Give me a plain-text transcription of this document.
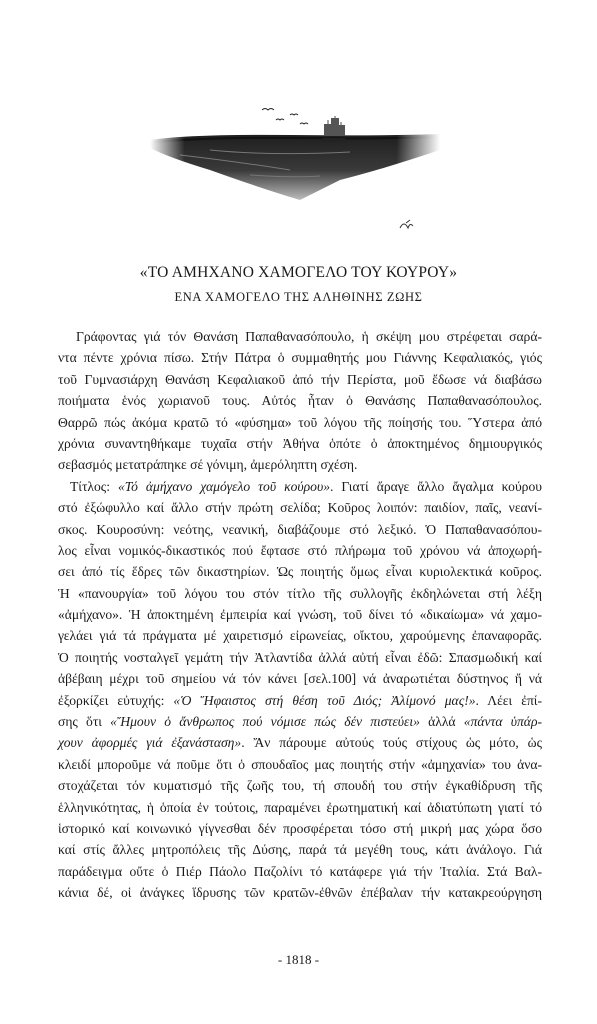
«ΤΟ ΑΜΗΧΑΝΟ ΧΑΜΟΓΕΛΟ ΤΟΥ ΚΟΥΡΟΥ»
ΕΝΑ ΧΑΜΟΓΕΛΟ ΤΗΣ ΑΛΗΘΙΝΗΣ ΖΩΗΣ
Γράφοντας γιά τόν Θανάση Παπαθανασόπουλο, ἡ σκέψη μου στρέφεται σαρά-
ντα πέντε χρόνια πίσω. Στήν Πάτρα ὁ συμμαθητής μου Γιάννης Κεφαλιακός, γιός
τοῦ Γυμνασιάρχη Θανάση Κεφαλιακοῦ ἀπό τήν Περίστα, μοῦ ἔδωσε νά διαβάσω
ποιήματα ἑνός χωριανοῦ τους. Αὐτός ἦταν ὁ Θανάσης Παπαθανασόπουλος.
Θαρρῶ πώς ἀκόμα κρατῶ τό «φύσημα» τοῦ λόγου τῆς ποίησής του. Ὕστερα ἀπό
χρόνια συναντηθήκαμε τυχαῖα στήν Ἀθήνα ὁπότε ὁ ἀποκτημένος δημιουργικός
σεβασμός μετατράπηκε σέ γόνιμη, ἀμερόληπτη σχέση.
Τίτλος: «Τό ἀμήχανο χαμόγελο τοῦ κούρου». Γιατί ἄραγε ἄλλο ἄγαλμα κούρου
στό ἐξώφυλλο καί ἄλλο στήν πρώτη σελίδα; Κοῦρος λοιπόν: παιδίον, παῖς, νεανί-
σκος. Κουροσύνη: νεότης, νεανική, διαβάζουμε στό λεξικό. Ὁ Παπαθανασόπου-
λος εἶναι νομικός-δικαστικός πού ἔφτασε στό πλήρωμα τοῦ χρόνου νά ἀποχωρή-
σει ἀπό τίς ἕδρες τῶν δικαστηρίων. Ὡς ποιητής ὅμως εἶναι κυριολεκτικά κοῦρος.
Ἡ «πανουργία» τοῦ λόγου του στόν τίτλο τῆς συλλογῆς ἐκδηλώνεται στή λέξη
«ἀμήχανο». Ἡ ἀποκτημένη ἐμπειρία καί γνώση, τοῦ δίνει τό «δικαίωμα» νά χαμο-
γελάει γιά τά πράγματα μέ χαιρετισμό εἰρωνείας, οἴκτου, χαρούμενης ἐπαναφορᾶς.
Ὁ ποιητής νοσταλγεῖ γεμάτη τήν Ἀτλαντίδα ἀλλά αὐτή εἶναι ἐδῶ: Σπασμωδική καί
ἀβέβαιη μέχρι τοῦ σημείου νά τόν κάνει [σελ.100] νά ἀναρωτιέται δύστηνος ἤ νά
ἐξορκίζει εὐτυχής: «Ὁ Ἥφαιστος στή θέση τοῦ Διός; Ἀλίμονό μας!». Λέει ἐπί-
σης ὅτι «Ἤμουν ὁ ἄνθρωπος πού νόμισε πώς δέν πιστεύει» ἀλλά «πάντα ὑπάρ-
χουν ἀφορμές γιά ἐξανάσταση». Ἄν πάρουμε αὐτούς τούς στίχους ὡς μότο, ὡς
κλειδί μποροῦμε νά ποῦμε ὅτι ὁ σπουδαῖος μας ποιητής στήν «ἀμηχανία» του ἀνα-
στοχάζεται τόν κυματισμό τῆς ζωῆς του, τή σπουδή του στήν ἐγκαθίδρυση τῆς
ἑλληνικότητας, ἡ ὁποία ἐν τούτοις, παραμένει ἐρωτηματική καί ἀδιατύπωτη γιατί τό
ἱστορικό καί κοινωνικό γίγνεσθαι δέν προσφέρεται τόσο στή μικρή μας χώρα ὅσο
καί στίς ἄλλες μητροπόλεις τῆς Δύσης, παρά τά μεγέθη τους, κάτι ἀνάλογο. Γιά
παράδειγμα οὔτε ὁ Πιέρ Πάολο Παζολίνι τό κατάφερε γιά τήν Ἰταλία. Στά Βαλ-
κάνια δέ, οἱ ἀνάγκες ἵδρυσης τῶν κρατῶν-ἐθνῶν ἐπέβαλαν τήν κατακρεούργηση
- 1818 -
